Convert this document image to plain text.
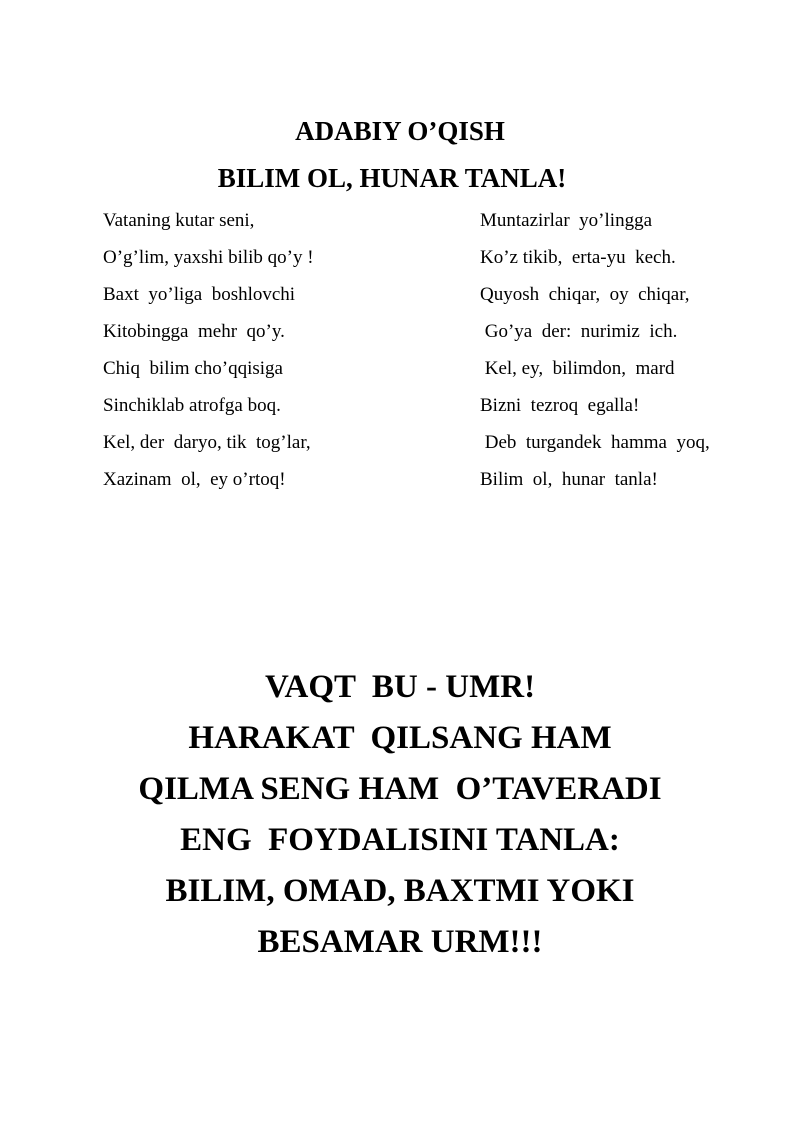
ADABIY O’QISH
BILIM OL, HUNAR TANLA!
Vataning kutar seni,
O’g’lim, yaxshi bilib qo’y !
Baxt  yo’liga  boshlovchi
Kitobingga  mehr  qo’y.
Chiq  bilim cho’qqisiga
Sinchiklab atrofga boq.
Kel, der  daryo, tik  tog’lar,
Xazinam  ol,  ey o’rtoq!
Muntazirlar  yo’lingga
Ko’z tikib,  erta-yu  kech.
Quyosh  chiqar,  oy  chiqar,
Go’ya  der:  nurimiz  ich.
Kel, ey,  bilimdon,  mard
Bizni  tezroq  egalla!
Deb  turgandek  hamma  yoq,
Bilim  ol,  hunar  tanla!
VAQT  BU - UMR!
HARAKAT  QILSANG HAM
QILMA SENG HAM  O’TAVERADI
ENG  FOYDALISINI TANLA:
BILIM, OMAD, BAXTMI YOKI
BESAMAR URM!!!
